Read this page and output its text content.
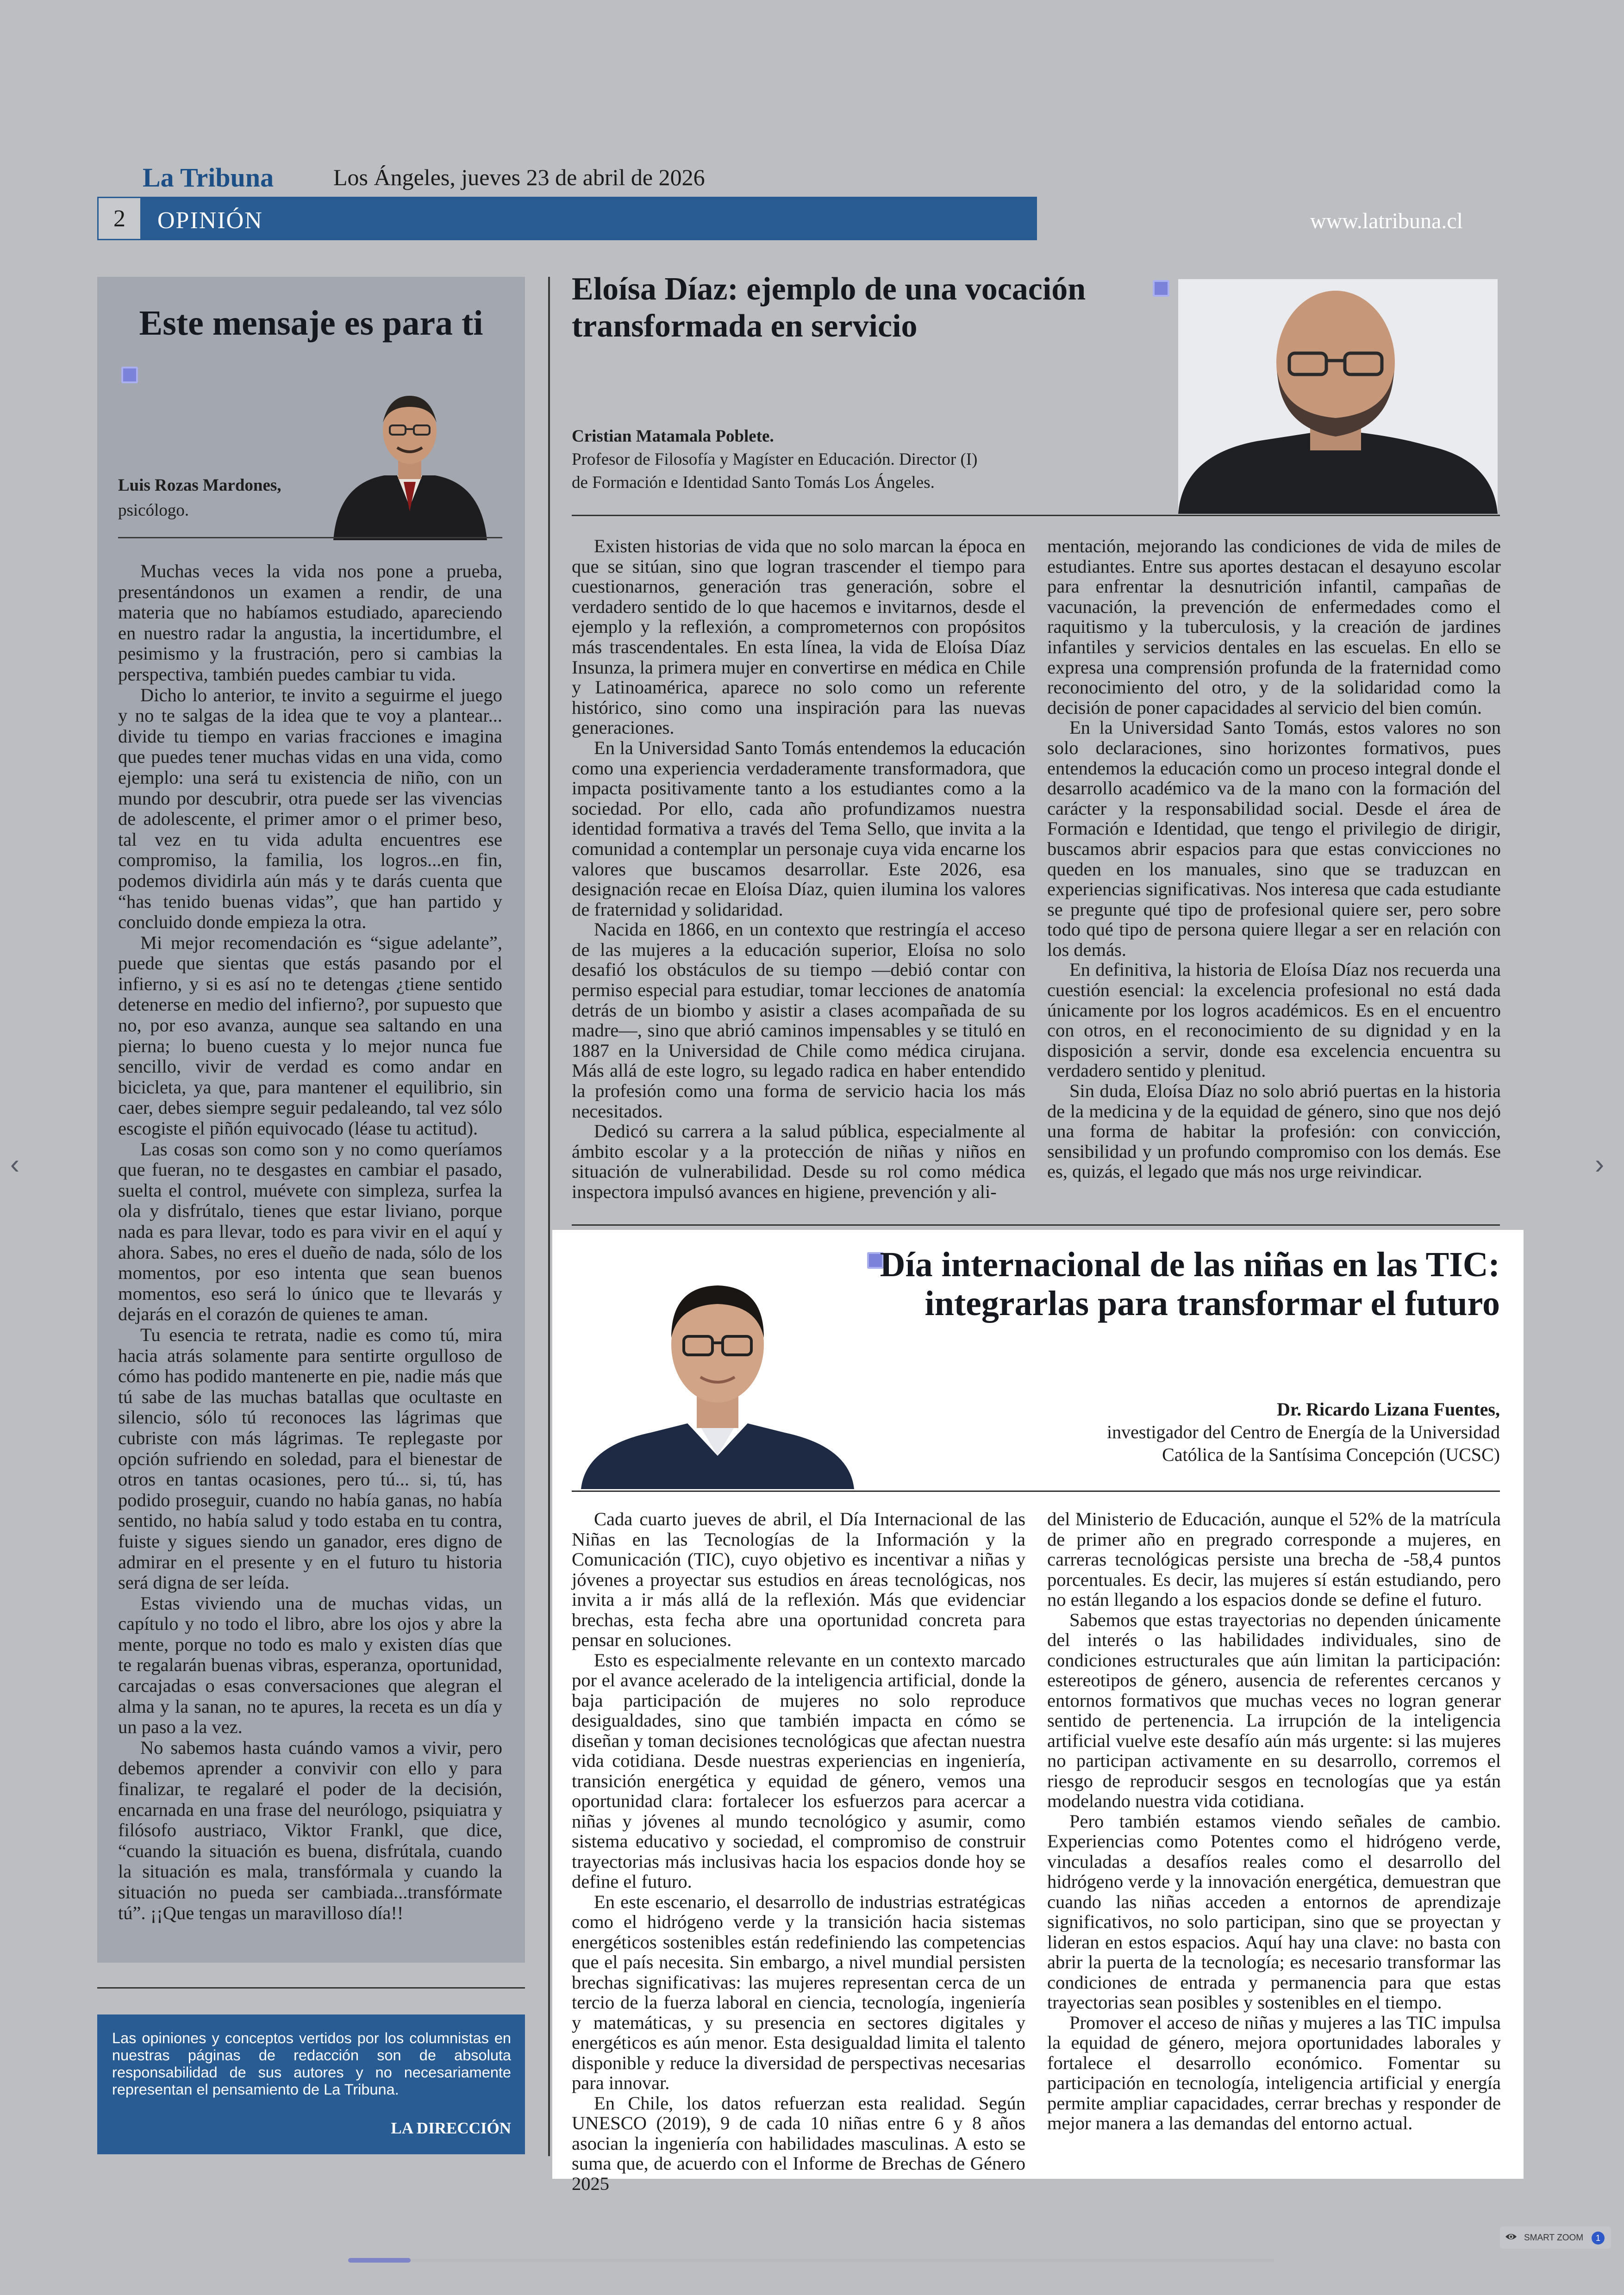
La Tribuna	Los Ángeles, jueves 23 de abril de 2026
2	OPINIÓN	www.latribuna.cl
Este mensaje es para ti
Luis Rozas Mardones,
psicólogo.

Muchas veces la vida nos pone a prueba, presentándonos un examen a rendir, de una materia que no habíamos estudiado, apareciendo en nuestro radar la angustia, la incertidumbre, el pesimismo y la frustración, pero si cambias la perspectiva, también puedes cambiar tu vida.

Dicho lo anterior, te invito a seguirme el juego y no te salgas de la idea que te voy a plantear... divide tu tiempo en varias fracciones e imagina que puedes tener muchas vidas en una vida, como ejemplo: una será tu existencia de niño, con un mundo por descubrir, otra puede ser las vivencias de adolescente, el primer amor o el primer beso, tal vez en tu vida adulta encuentres ese compromiso, la familia, los logros...en fin, podemos dividirla aún más y te darás cuenta que “has tenido buenas vidas”, que han partido y concluido donde empieza la otra.

Mi mejor recomendación es “sigue adelante”, puede que sientas que estás pasando por el infierno, y si es así no te detengas ¿tiene sentido detenerse en medio del infierno?, por supuesto que no, por eso avanza, aunque sea saltando en una pierna; lo bueno cuesta y lo mejor nunca fue sencillo, vivir de verdad es como andar en bicicleta, ya que, para mantener el equilibrio, sin caer, debes siempre seguir pedaleando, tal vez sólo escogiste el piñón equivocado (léase tu actitud).

Las cosas son como son y no como queríamos que fueran, no te desgastes en cambiar el pasado, suelta el control, muévete con simpleza, surfea la ola y disfrútalo, tienes que estar liviano, porque nada es para llevar, todo es para vivir en el aquí y ahora. Sabes, no eres el dueño de nada, sólo de los momentos, por eso intenta que sean buenos momentos, eso será lo único que te llevarás y dejarás en el corazón de quienes te aman.

Tu esencia te retrata, nadie es como tú, mira hacia atrás solamente para sentirte orgulloso de cómo has podido mantenerte en pie, nadie más que tú sabe de las muchas batallas que ocultaste en silencio, sólo tú reconoces las lágrimas que cubriste con más lágrimas. Te replegaste por opción sufriendo en soledad, para el bienestar de otros en tantas ocasiones, pero tú... si, tú, has podido proseguir, cuando no había ganas, no había sentido, no había salud y todo estaba en tu contra, fuiste y sigues siendo un ganador, eres digno de admirar en el presente y en el futuro tu historia será digna de ser leída.

Estas viviendo una de muchas vidas, un capítulo y no todo el libro, abre los ojos y abre la mente, porque no todo es malo y existen días que te regalarán buenas vibras, esperanza, oportunidad, carcajadas o esas conversaciones que alegran el alma y la sanan, no te apures, la receta es un día y un paso a la vez.

No sabemos hasta cuándo vamos a vivir, pero debemos aprender a convivir con ello y para finalizar, te regalaré el poder de la decisión, encarnada en una frase del neurólogo, psiquiatra y filósofo austriaco, Viktor Frankl, que dice, “cuando la situación es buena, disfrútala, cuando la situación es mala, transfórmala y cuando la situación no pueda ser cambiada...transfórmate tú”. ¡¡Que tengas un maravilloso día!!

Las opiniones y conceptos vertidos por los columnistas en nuestras páginas de redacción son de absoluta responsabilidad de sus autores y no necesariamente representan el pensamiento de La Tribuna.
LA DIRECCIÓN
Eloísa Díaz: ejemplo de una vocación transformada en servicio
Cristian Matamala Poblete.
Profesor de Filosofía y Magíster en Educación. Director (I)
de Formación e Identidad Santo Tomás Los Ángeles.

Existen historias de vida que no solo marcan la época en que se sitúan, sino que logran trascender el tiempo para cuestionarnos, generación tras generación, sobre el verdadero sentido de lo que hacemos e invitarnos, desde el ejemplo y la reflexión, a comprometernos con propósitos más trascendentales. En esta línea, la vida de Eloísa Díaz Insunza, la primera mujer en convertirse en médica en Chile y Latinoamérica, aparece no solo como un referente histórico, sino como una inspiración para las nuevas generaciones.

En la Universidad Santo Tomás entendemos la educación como una experiencia verdaderamente transformadora, que impacta positivamente tanto a los estudiantes como a la sociedad. Por ello, cada año profundizamos nuestra identidad formativa a través del Tema Sello, que invita a la comunidad a contemplar un personaje cuya vida encarne los valores que buscamos desarrollar. Este 2026, esa designación recae en Eloísa Díaz, quien ilumina los valores de fraternidad y solidaridad.

Nacida en 1866, en un contexto que restringía el acceso de las mujeres a la educación superior, Eloísa no solo desafió los obstáculos de su tiempo —debió contar con permiso especial para estudiar, tomar lecciones de anatomía detrás de un biombo y asistir a clases acompañada de su madre—, sino que abrió caminos impensables y se tituló en 1887 en la Universidad de Chile como médica cirujana. Más allá de este logro, su legado radica en haber entendido la profesión como una forma de servicio hacia los más necesitados.

Dedicó su carrera a la salud pública, especialmente al ámbito escolar y a la protección de niñas y niños en situación de vulnerabilidad. Desde su rol como médica inspectora impulsó avances en higiene, prevención y ali-

mentación, mejorando las condiciones de vida de miles de estudiantes. Entre sus aportes destacan el desayuno escolar para enfrentar la desnutrición infantil, campañas de vacunación, la prevención de enfermedades como el raquitismo y la tuberculosis, y la creación de jardines infantiles y servicios dentales en las escuelas. En ello se expresa una comprensión profunda de la fraternidad como reconocimiento del otro, y de la solidaridad como la decisión de poner capacidades al servicio del bien común.

En la Universidad Santo Tomás, estos valores no son solo declaraciones, sino horizontes formativos, pues entendemos la educación como un proceso integral donde el desarrollo académico va de la mano con la formación del carácter y la responsabilidad social. Desde el área de Formación e Identidad, que tengo el privilegio de dirigir, buscamos abrir espacios para que estas convicciones no queden en los manuales, sino que se traduzcan en experiencias significativas. Nos interesa que cada estudiante se pregunte qué tipo de profesional quiere ser, pero sobre todo qué tipo de persona quiere llegar a ser en relación con los demás.

En definitiva, la historia de Eloísa Díaz nos recuerda una cuestión esencial: la excelencia profesional no está dada únicamente por los logros académicos. Es en el encuentro con otros, en el reconocimiento de su dignidad y en la disposición a servir, donde esa excelencia encuentra su verdadero sentido y plenitud.

Sin duda, Eloísa Díaz no solo abrió puertas en la historia de la medicina y de la equidad de género, sino que nos dejó una forma de habitar la profesión: con convicción, sensibilidad y un profundo compromiso con los demás. Ese es, quizás, el legado que más nos urge reivindicar.

Día internacional de las niñas en las TIC:
integrarlas para transformar el futuro
Dr. Ricardo Lizana Fuentes,
investigador del Centro de Energía de la Universidad
Católica de la Santísima Concepción (UCSC)

Cada cuarto jueves de abril, el Día Internacional de las Niñas en las Tecnologías de la Información y la Comunicación (TIC), cuyo objetivo es incentivar a niñas y jóvenes a proyectar sus estudios en áreas tecnológicas, nos invita a ir más allá de la reflexión. Más que evidenciar brechas, esta fecha abre una oportunidad concreta para pensar en soluciones.

Esto es especialmente relevante en un contexto marcado por el avance acelerado de la inteligencia artificial, donde la baja participación de mujeres no solo reproduce desigualdades, sino que también impacta en cómo se diseñan y toman decisiones tecnológicas que afectan nuestra vida cotidiana. Desde nuestras experiencias en ingeniería, transición energética y equidad de género, vemos una oportunidad clara: fortalecer los esfuerzos para acercar a niñas y jóvenes al mundo tecnológico y asumir, como sistema educativo y sociedad, el compromiso de construir trayectorias más inclusivas hacia los espacios donde hoy se define el futuro.

En este escenario, el desarrollo de industrias estratégicas como el hidrógeno verde y la transición hacia sistemas energéticos sostenibles están redefiniendo las competencias que el país necesita. Sin embargo, a nivel mundial persisten brechas significativas: las mujeres representan cerca de un tercio de la fuerza laboral en ciencia, tecnología, ingeniería y matemáticas, y su presencia en sectores digitales y energéticos es aún menor. Esta desigualdad limita el talento disponible y reduce la diversidad de perspectivas necesarias para innovar.

En Chile, los datos refuerzan esta realidad. Según UNESCO (2019), 9 de cada 10 niñas entre 6 y 8 años asocian la ingeniería con habilidades masculinas. A esto se suma que, de acuerdo con el Informe de Brechas de Género 2025

del Ministerio de Educación, aunque el 52% de la matrícula de primer año en pregrado corresponde a mujeres, en carreras tecnológicas persiste una brecha de -58,4 puntos porcentuales. Es decir, las mujeres sí están estudiando, pero no están llegando a los espacios donde se define el futuro.

Sabemos que estas trayectorias no dependen únicamente del interés o las habilidades individuales, sino de condiciones estructurales que aún limitan la participación: estereotipos de género, ausencia de referentes cercanos y entornos formativos que muchas veces no logran generar sentido de pertenencia. La irrupción de la inteligencia artificial vuelve este desafío aún más urgente: si las mujeres no participan activamente en su desarrollo, corremos el riesgo de reproducir sesgos en tecnologías que ya están modelando nuestra vida cotidiana.

Pero también estamos viendo señales de cambio. Experiencias como Potentes como el hidrógeno verde, vinculadas a desafíos reales como el desarrollo del hidrógeno verde y la innovación energética, demuestran que cuando las niñas acceden a entornos de aprendizaje significativos, no solo participan, sino que se proyectan y lideran en estos espacios. Aquí hay una clave: no basta con abrir la puerta de la tecnología; es necesario transformar las condiciones de entrada y permanencia para que estas trayectorias sean posibles y sostenibles en el tiempo.

Promover el acceso de niñas y mujeres a las TIC impulsa la equidad de género, mejora oportunidades laborales y fortalece el desarrollo económico. Fomentar su participación en tecnología, inteligencia artificial y energía permite ampliar capacidades, cerrar brechas y responder de mejor manera a las demandas del entorno actual.

‹	›
SMART ZOOM	1
